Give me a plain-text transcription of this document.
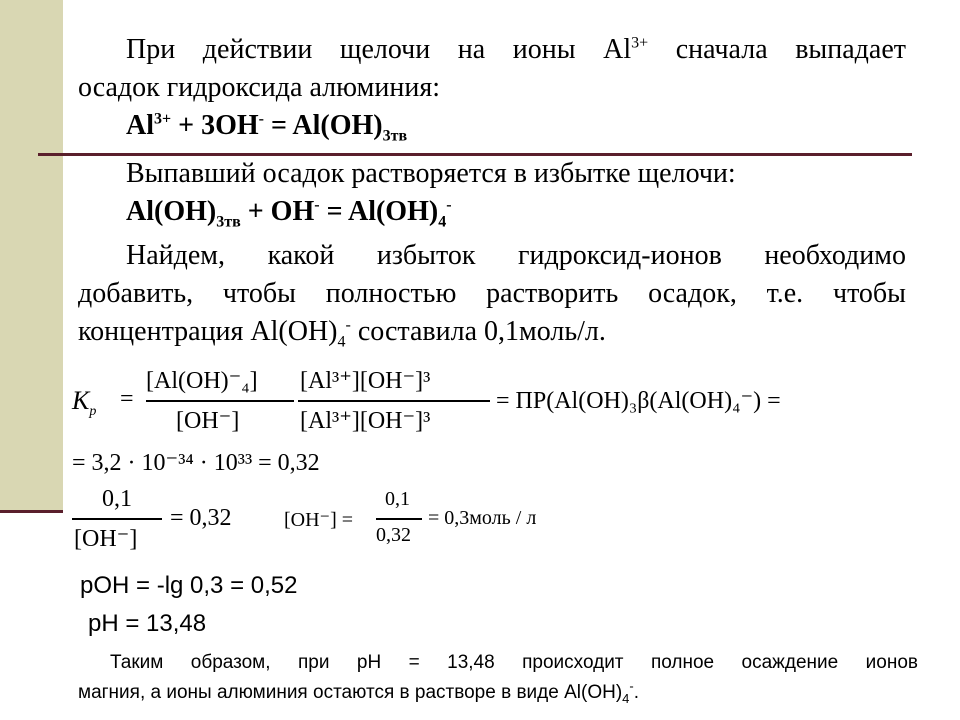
При действии щелочи на ионы $Al^{3+}$ сначала выпадает
осадок гидроксида алюминия:
$Al^{3+} + 3OH^- = Al(OH)_{3тв}$
Выпавший осадок растворяется в избытке щелочи:
$Al(OH)_{3тв} + OH^- = Al(OH)_4^-$
Найдем, какой избыток гидроксид-ионов необходимо
добавить, чтобы полностью растворить осадок, т.е. чтобы
концентрация $Al(OH)_4^-$ составила 0,1моль/л.
$K_p$ =
[Al(OH)⁻₄]
[OH⁻]
[Al³⁺][OH⁻]³
[Al³⁺][OH⁻]³
= ПР(Al(OH)₃β(Al(OH)₄⁻) =
= 3,2 · 10⁻³⁴ · 10³³ = 0,32
0,1
[OH⁻]
= 0,32	[OH⁻] =
0,1
0,32
= 0,3моль / л
pOH = -lg 0,3 = 0,52
pH = 13,48
Таким образом, при pH = 13,48 происходит полное осаждение ионов
магния, а ионы алюминия остаются в растворе в виде $Al(OH)_4^-$.
